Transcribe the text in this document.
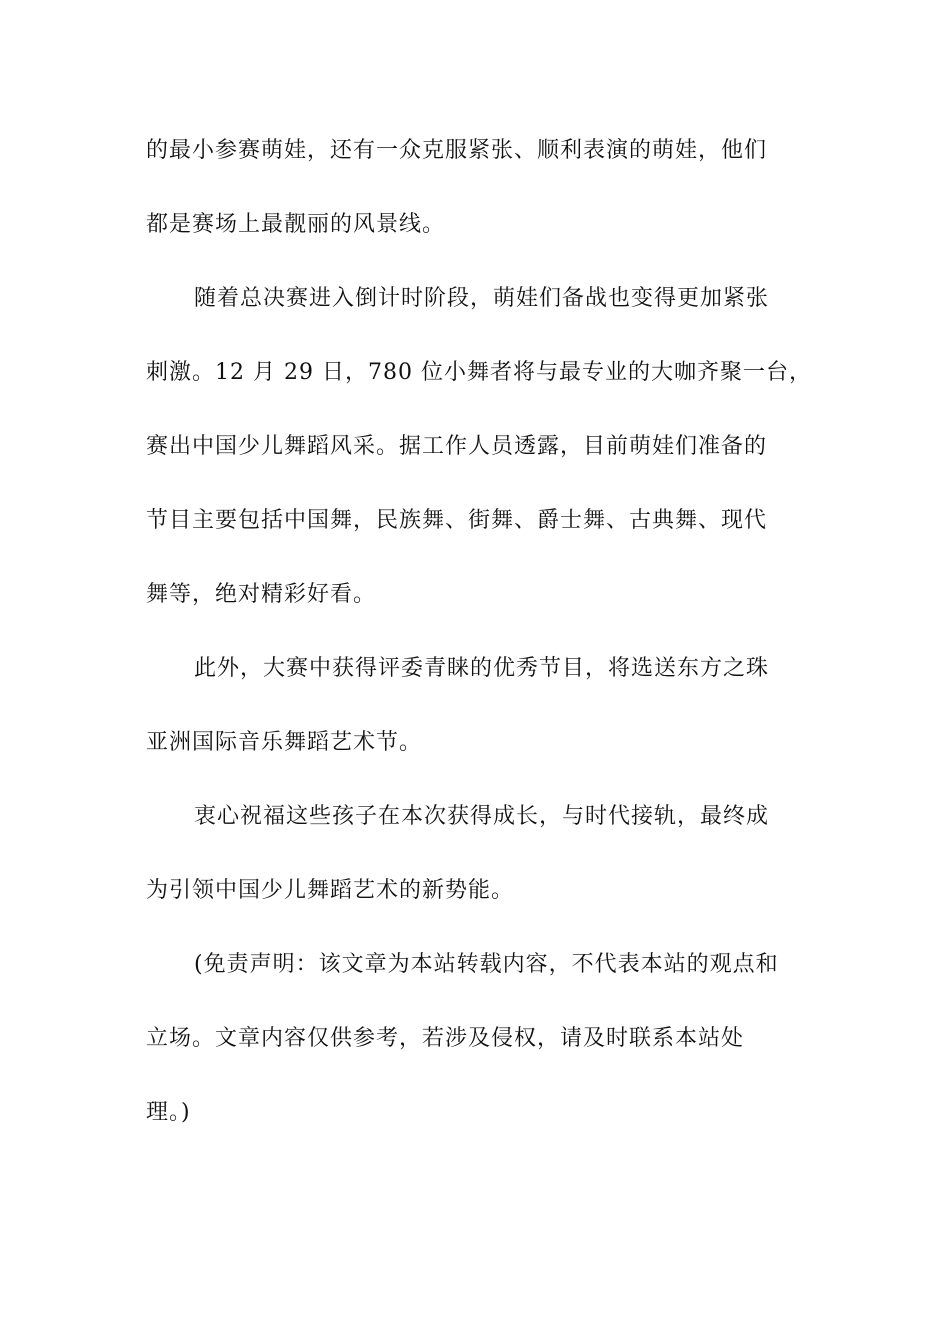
的最小参赛萌娃，还有一众克服紧张、顺利表演的萌娃，他们
都是赛场上最靓丽的风景线。
随着总决赛进入倒计时阶段，萌娃们备战也变得更加紧张
刺激。12 月 29 日，780 位小舞者将与最专业的大咖齐聚一台，
赛出中国少儿舞蹈风采。据工作人员透露，目前萌娃们准备的
节目主要包括中国舞，民族舞、街舞、爵士舞、古典舞、现代
舞等，绝对精彩好看。
此外，大赛中获得评委青睐的优秀节目，将选送东方之珠
亚洲国际音乐舞蹈艺术节。
衷心祝福这些孩子在本次获得成长，与时代接轨，最终成
为引领中国少儿舞蹈艺术的新势能。
(免责声明：该文章为本站转载内容，不代表本站的观点和
立场。文章内容仅供参考，若涉及侵权，请及时联系本站处
理。)
